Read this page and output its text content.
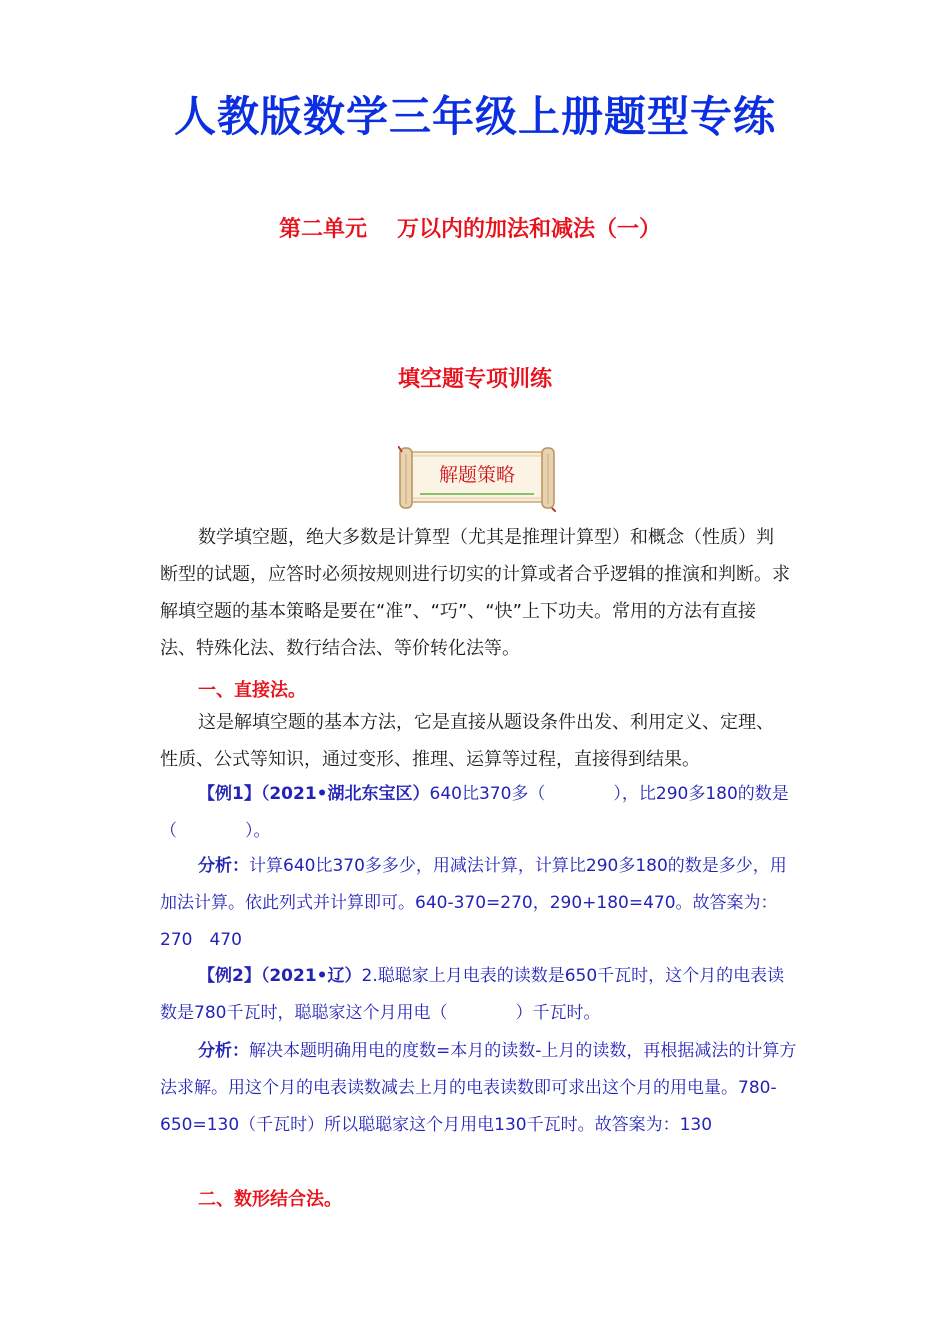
人教版数学三年级上册题型专练
第二单元 万以内的加法和减法（一）
填空题专项训练
解题策略

数学填空题，绝大多数是计算型（尤其是推理计算型）和概念（性质）判断型的试题，应答时必须按规则进行切实的计算或者合乎逻辑的推演和判断。求解填空题的基本策略是要在“准”、“巧”、“快”上下功夫。常用的方法有直接法、特殊化法、数行结合法、等价转化法等。

一、直接法。

这是解填空题的基本方法，它是直接从题设条件出发、利用定义、定理、性质、公式等知识，通过变形、推理、运算等过程，直接得到结果。

【例1】（2021•湖北东宝区）640比370多（　　　　），比290多180的数是（　　　　）。

分析：计算640比370多多少，用减法计算，计算比290多180的数是多少，用加法计算。依此列式并计算即可。640-370=270，290+180=470。故答案为：270　470

【例2】（2021•辽）2.聪聪家上月电表的读数是650千瓦时，这个月的电表读数是780千瓦时，聪聪家这个月用电（　　　　）千瓦时。

分析：解决本题明确用电的度数=本月的读数-上月的读数，再根据减法的计算方法求解。用这个月的电表读数减去上月的电表读数即可求出这个月的用电量。780-650=130（千瓦时）所以聪聪家这个月用电130千瓦时。故答案为：130

二、数形结合法。
